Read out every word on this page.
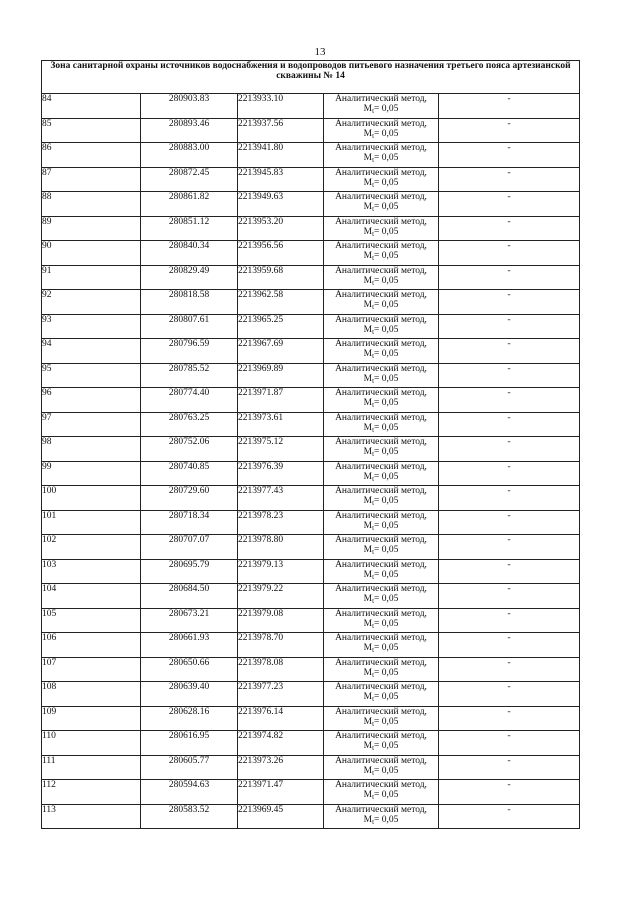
13
Зона санитарной охраны источников водоснабжения и водопроводов питьевого назначения третьего пояса артезианской скважины № 14				
84	280903.83	2213933.10	Аналитический метод,
$M_t= 0,05$	-
85	280893.46	2213937.56	Аналитический метод,
$M_t= 0,05$	-
86	280883.00	2213941.80	Аналитический метод,
$M_t= 0,05$	-
87	280872.45	2213945.83	Аналитический метод,
$M_t= 0,05$	-
88	280861.82	2213949.63	Аналитический метод,
$M_t= 0,05$	-
89	280851.12	2213953.20	Аналитический метод,
$M_t= 0,05$	-
90	280840.34	2213956.56	Аналитический метод,
$M_t= 0,05$	-
91	280829.49	2213959.68	Аналитический метод,
$M_t= 0,05$	-
92	280818.58	2213962.58	Аналитический метод,
$M_t= 0,05$	-
93	280807.61	2213965.25	Аналитический метод,
$M_t= 0,05$	-
94	280796.59	2213967.69	Аналитический метод,
$M_t= 0,05$	-
95	280785.52	2213969.89	Аналитический метод,
$M_t= 0,05$	-
96	280774.40	2213971.87	Аналитический метод,
$M_t= 0,05$	-
97	280763.25	2213973.61	Аналитический метод,
$M_t= 0,05$	-
98	280752.06	2213975.12	Аналитический метод,
$M_t= 0,05$	-
99	280740.85	2213976.39	Аналитический метод,
$M_t= 0,05$	-
100	280729.60	2213977.43	Аналитический метод,
$M_t= 0,05$	-
101	280718.34	2213978.23	Аналитический метод,
$M_t= 0,05$	-
102	280707.07	2213978.80	Аналитический метод,
$M_t= 0,05$	-
103	280695.79	2213979.13	Аналитический метод,
$M_t= 0,05$	-
104	280684.50	2213979.22	Аналитический метод,
$M_t= 0,05$	-
105	280673.21	2213979.08	Аналитический метод,
$M_t= 0,05$	-
106	280661.93	2213978.70	Аналитический метод,
$M_t= 0,05$	-
107	280650.66	2213978.08	Аналитический метод,
$M_t= 0,05$	-
108	280639.40	2213977.23	Аналитический метод,
$M_t= 0,05$	-
109	280628.16	2213976.14	Аналитический метод,
$M_t= 0,05$	-
110	280616.95	2213974.82	Аналитический метод,
$M_t= 0,05$	-
111	280605.77	2213973.26	Аналитический метод,
$M_t= 0,05$	-
112	280594.63	2213971.47	Аналитический метод,
$M_t= 0,05$	-
113	280583.52	2213969.45	Аналитический метод,
$M_t= 0,05$	-
